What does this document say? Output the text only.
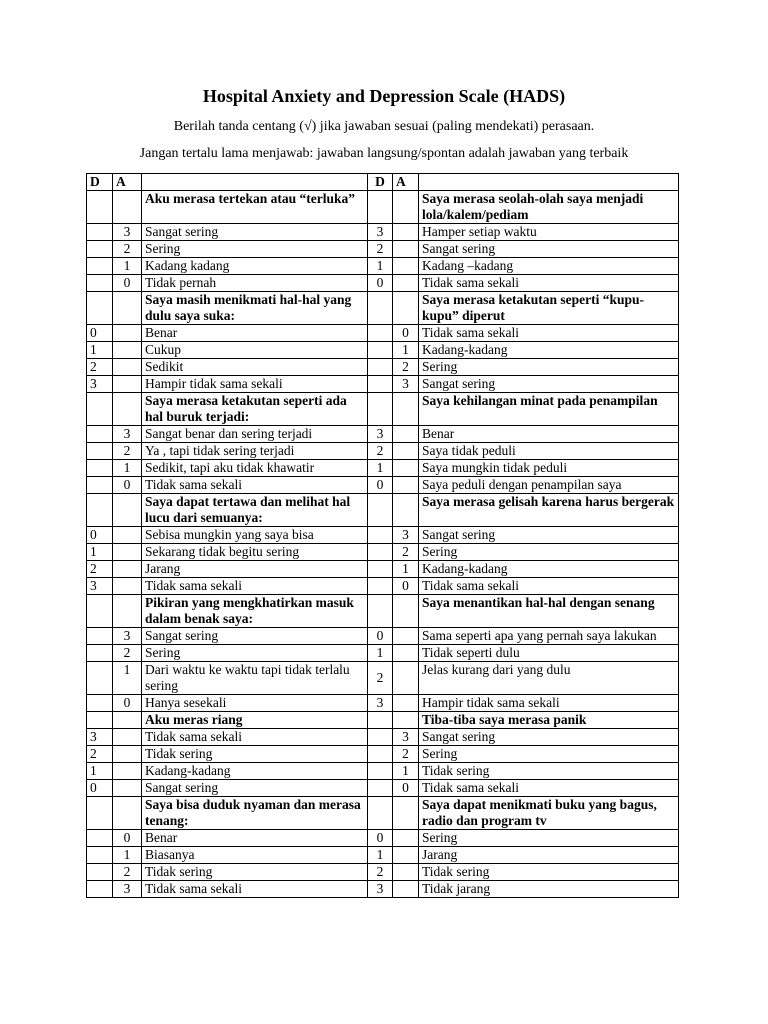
Hospital Anxiety and Depression Scale (HADS)

Berilah tanda centang (√) jika jawaban sesuai (paling mendekati) perasaan.

Jangan tertalu lama menjawab: jawaban langsung/spontan adalah jawaban yang terbaik

D	A		D	A	
		Aku merasa tertekan atau “terluka”			Saya merasa seolah-olah saya menjadi lola/kalem/pediam
	3	Sangat sering	3		Hamper setiap waktu
	2	Sering	2		Sangat sering
	1	Kadang kadang	1		Kadang –kadang
	0	Tidak pernah	0		Tidak sama sekali
		Saya masih menikmati hal-hal yang dulu saya suka:			Saya merasa ketakutan seperti “kupu-kupu” diperut
0		Benar		0	Tidak sama sekali
1		Cukup		1	Kadang-kadang
2		Sedikit		2	Sering
3		Hampir tidak sama sekali		3	Sangat sering
		Saya merasa ketakutan seperti ada hal buruk terjadi:			Saya kehilangan minat pada penampilan
	3	Sangat benar dan sering terjadi	3		Benar
	2	Ya , tapi tidak sering terjadi	2		Saya tidak peduli
	1	Sedikit, tapi aku tidak khawatir	1		Saya mungkin tidak peduli
	0	Tidak sama sekali	0		Saya peduli dengan penampilan saya
		Saya dapat tertawa dan melihat hal lucu dari semuanya:			Saya merasa gelisah karena harus bergerak
0		Sebisa mungkin yang saya bisa		3	Sangat sering
1		Sekarang tidak begitu sering		2	Sering
2		Jarang		1	Kadang-kadang
3		Tidak sama sekali		0	Tidak sama sekali
		Pikiran yang mengkhatirkan masuk dalam benak saya:			Saya menantikan hal-hal dengan senang
	3	Sangat sering	0		Sama seperti apa yang pernah saya lakukan
	2	Sering	1		Tidak seperti dulu
	1	Dari waktu ke waktu tapi tidak terlalu sering	2		Jelas kurang dari yang dulu
	0	Hanya sesekali	3		Hampir tidak sama sekali
		Aku meras riang			Tiba-tiba saya merasa panik
3		Tidak sama sekali		3	Sangat sering
2		Tidak sering		2	Sering
1		Kadang-kadang		1	Tidak sering
0		Sangat sering		0	Tidak sama sekali
		Saya bisa duduk nyaman dan merasa tenang:			Saya dapat menikmati buku yang bagus, radio dan program tv
	0	Benar	0		Sering
	1	Biasanya	1		Jarang
	2	Tidak sering	2		Tidak sering
	3	Tidak sama sekali	3		Tidak jarang
